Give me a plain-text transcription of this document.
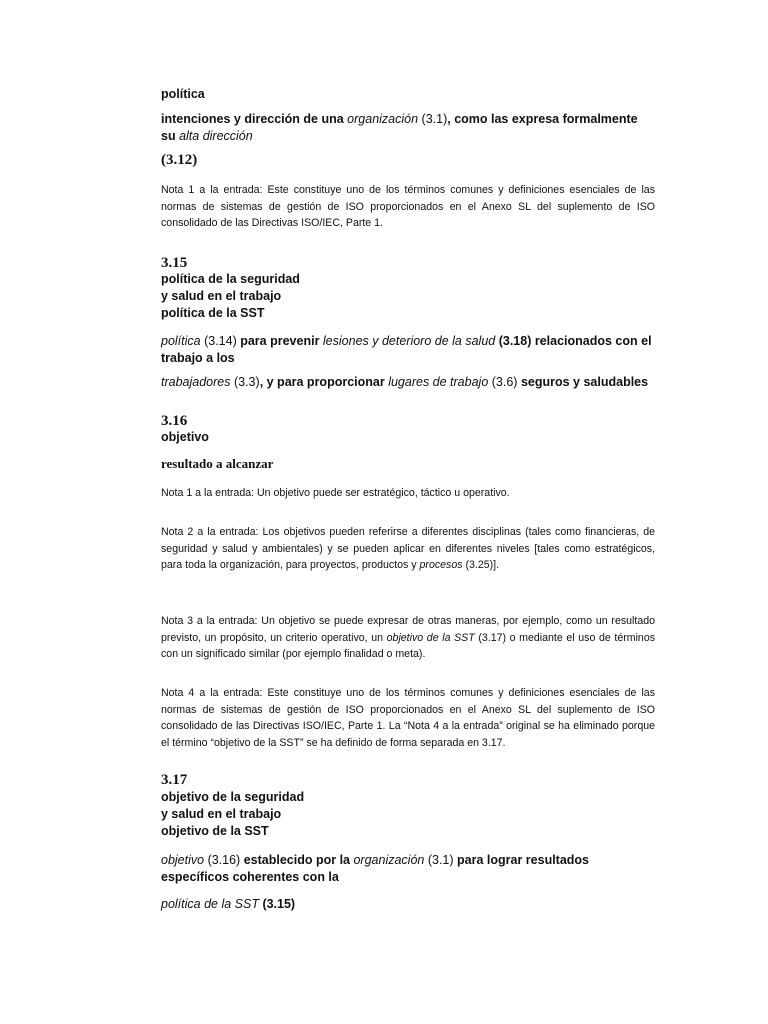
política
intenciones y dirección de una organización (3.1), como las expresa formalmente su alta dirección
(3.12)

Nota 1 a la entrada: Este constituye uno de los términos comunes y definiciones esenciales de las normas de sistemas de gestión de ISO proporcionados en el Anexo SL del suplemento de ISO consolidado de las Directivas ISO/IEC, Parte 1.

3.15
política de la seguridad
y salud en el trabajo
política de la SST
política (3.14) para prevenir lesiones y deterioro de la salud (3.18) relacionados con el trabajo a los
trabajadores (3.3), y para proporcionar lugares de trabajo (3.6) seguros y saludables
3.16
objetivo
resultado a alcanzar

Nota 1 a la entrada: Un objetivo puede ser estratégico, táctico u operativo.

Nota 2 a la entrada: Los objetivos pueden referirse a diferentes disciplinas (tales como financieras, de seguridad y salud y ambientales) y se pueden aplicar en diferentes niveles [tales como estratégicos, para toda la organización, para proyectos, productos y procesos (3.25)].

Nota 3 a la entrada: Un objetivo se puede expresar de otras maneras, por ejemplo, como un resultado previsto, un propósito, un criterio operativo, un objetivo de la SST (3.17) o mediante el uso de términos con un significado similar (por ejemplo finalidad o meta).

Nota 4 a la entrada: Este constituye uno de los términos comunes y definiciones esenciales de las normas de sistemas de gestión de ISO proporcionados en el Anexo SL del suplemento de ISO consolidado de las Directivas ISO/IEC, Parte 1. La “Nota 4 a la entrada” original se ha eliminado porque el término “objetivo de la SST” se ha definido de forma separada en 3.17.

3.17
objetivo de la seguridad
y salud en el trabajo
objetivo de la SST
objetivo (3.16) establecido por la organización (3.1) para lograr resultados específicos coherentes con la
política de la SST (3.15)
